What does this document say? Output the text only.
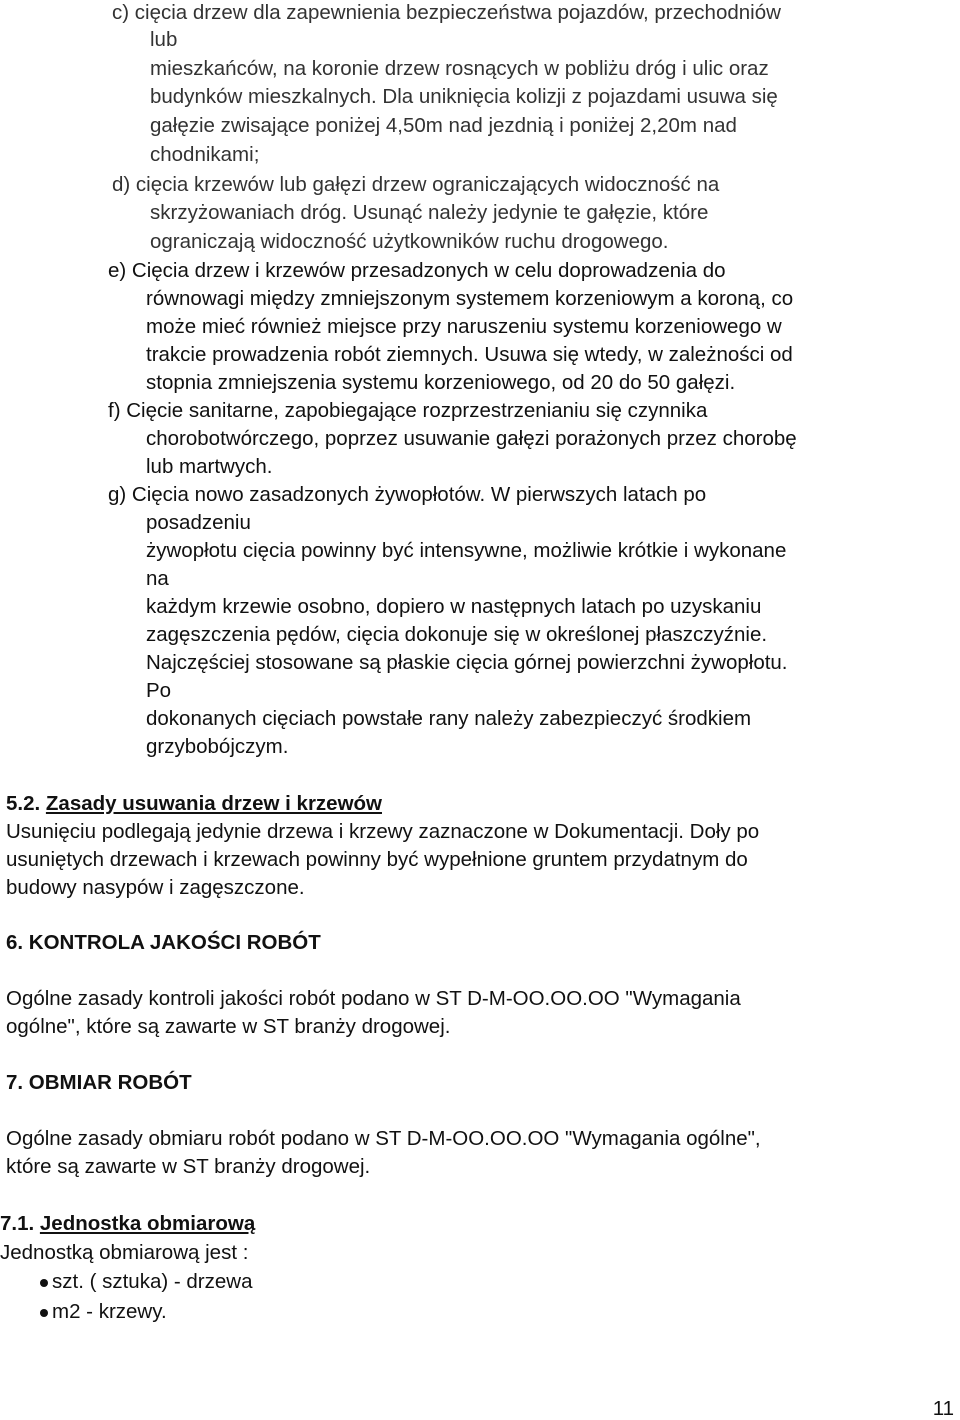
c) cięcia drzew dla zapewnienia bezpieczeństwa pojazdów, przechodniów
lub
mieszkańców, na koronie drzew rosnących w pobliżu dróg i ulic oraz
budynków mieszkalnych. Dla uniknięcia kolizji z pojazdami usuwa się
gałęzie zwisające poniżej 4,50m nad jezdnią i poniżej 2,20m nad
chodnikami;
d) cięcia krzewów lub gałęzi drzew ograniczających widoczność na
skrzyżowaniach dróg. Usunąć należy jedynie te gałęzie, które
ograniczają widoczność użytkowników ruchu drogowego.
e) Cięcia drzew i krzewów przesadzonych w celu doprowadzenia do
równowagi między zmniejszonym systemem korzeniowym a koroną, co
może mieć również miejsce przy naruszeniu systemu korzeniowego w
trakcie prowadzenia robót ziemnych. Usuwa się wtedy, w zależności od
stopnia zmniejszenia systemu korzeniowego, od 20 do 50 gałęzi.
f) Cięcie sanitarne, zapobiegające rozprzestrzenianiu się czynnika
chorobotwórczego, poprzez usuwanie gałęzi porażonych przez chorobę
lub martwych.
g) Cięcia nowo zasadzonych żywopłotów. W pierwszych latach po
posadzeniu
żywopłotu cięcia powinny być intensywne, możliwie krótkie i wykonane
na
każdym krzewie osobno, dopiero w następnych latach po uzyskaniu
zagęszczenia pędów, cięcia dokonuje się w określonej płaszczyźnie.
Najczęściej stosowane są płaskie cięcia górnej powierzchni żywopłotu.
Po
dokonanych cięciach powstałe rany należy zabezpieczyć środkiem
grzybobójczym.
5.2. Zasady usuwania drzew i krzewów
Usunięciu podlegają jedynie drzewa i krzewy zaznaczone w Dokumentacji. Doły po
usuniętych drzewach i krzewach powinny być wypełnione gruntem przydatnym do
budowy nasypów i zagęszczone.
6. KONTROLA JAKOŚCI ROBÓT
Ogólne zasady kontroli jakości robót podano w ST D-M-OO.OO.OO "Wymagania
ogólne", które są zawarte w ST branży drogowej.
7. OBMIAR ROBÓT
Ogólne zasady obmiaru robót podano w ST D-M-OO.OO.OO "Wymagania ogólne",
które są zawarte w ST branży drogowej.
7.1. Jednostka obmiarową
Jednostką obmiarową jest :
szt. ( sztuka) - drzewa
m2 - krzewy.
11
